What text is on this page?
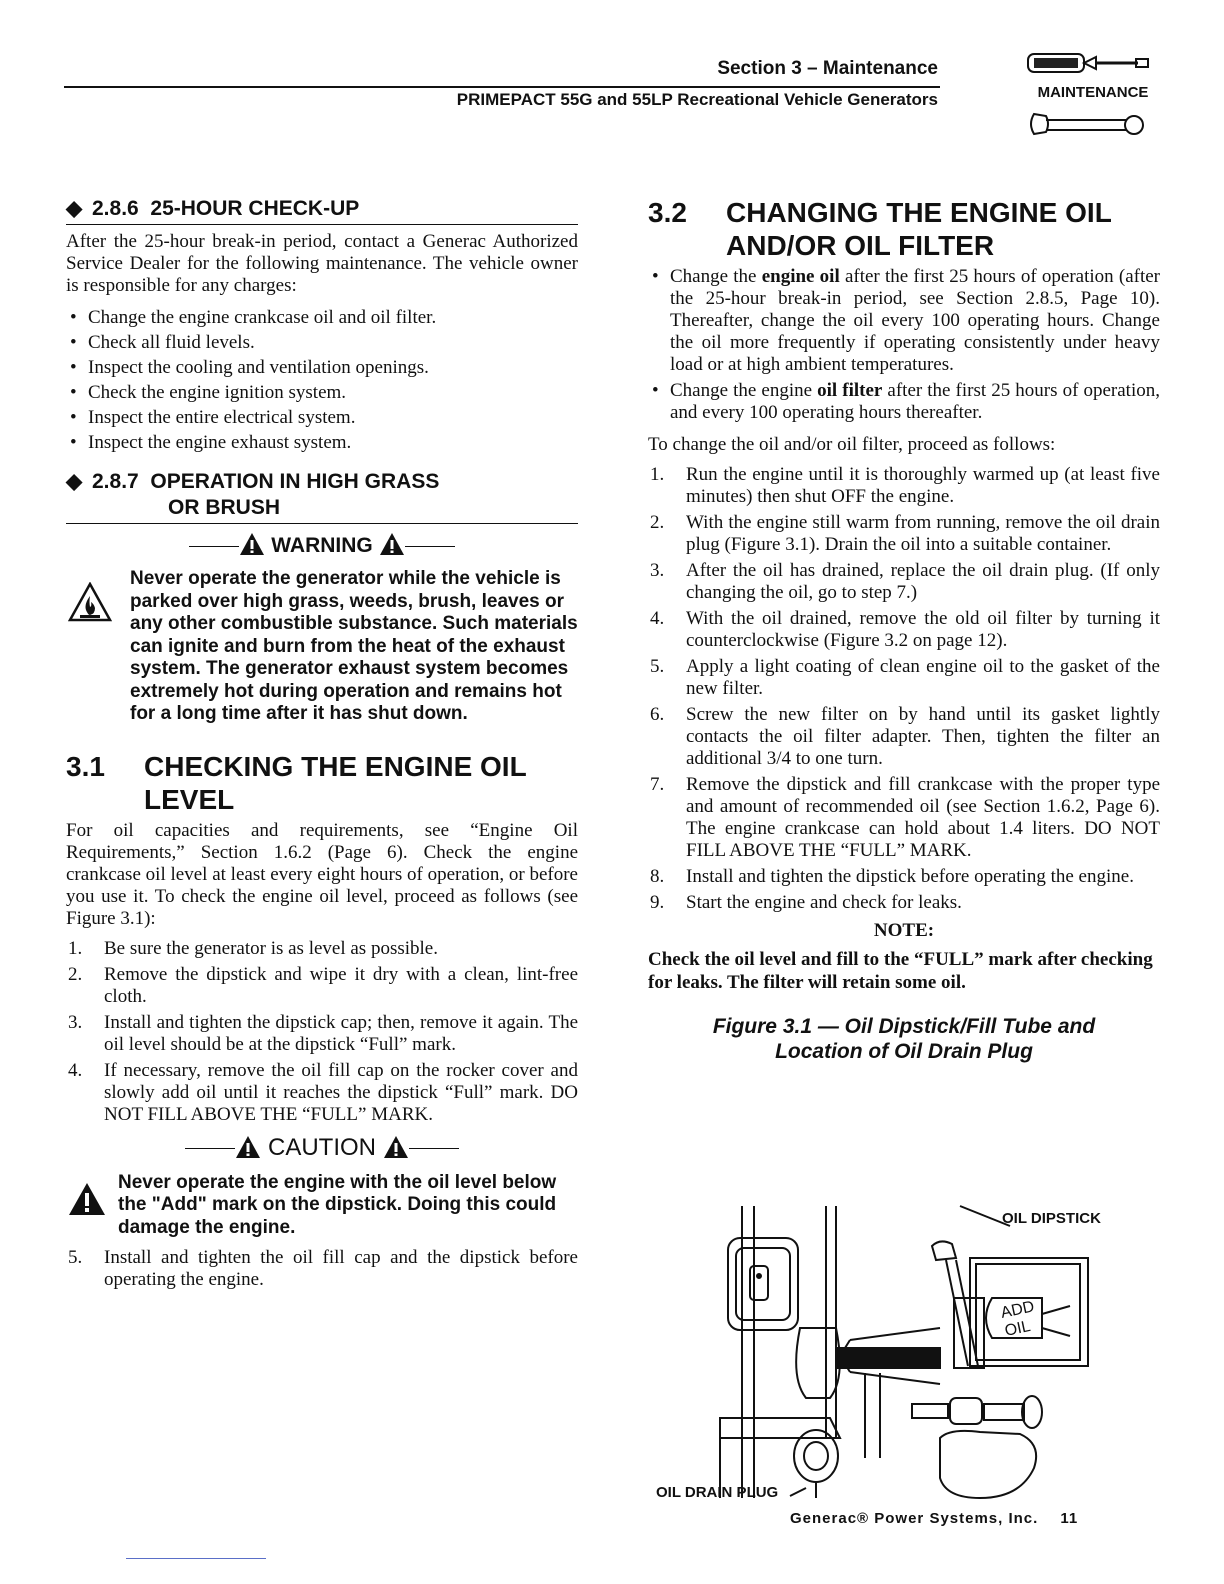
Section 3 – Maintenance
PRIMEPACT 55G and 55LP Recreational Vehicle Generators	MAINTENANCE
◆ 2.8.6 25-HOUR CHECK-UP

After the 25-hour break-in period, contact a Generac Authorized Service Dealer for the following maintenance. The vehicle owner is responsible for any charges:

• Change the engine crankcase oil and oil filter.
• Check all fluid levels.
• Inspect the cooling and ventilation openings.
• Check the engine ignition system.
• Inspect the entire electrical system.
• Inspect the engine exhaust system.
◆ 2.8.7 OPERATION IN HIGH GRASS
OR BRUSH
WARNING
Never operate the generator while the vehicle is parked over high grass, weeds, brush, leaves or any other combustible substance. Such materials can ignite and burn from the heat of the exhaust system. The generator exhaust system becomes extremely hot during operation and remains hot for a long time after it has shut down.
3.1 CHECKING THE ENGINE OIL
LEVEL

For oil capacities and requirements, see “Engine Oil Requirements,” Section 1.6.2 (Page 6). Check the engine crankcase oil level at least every eight hours of operation, or before you use it. To check the engine oil level, proceed as follows (see Figure 3.1):

1. Be sure the generator is as level as possible.
2. Remove the dipstick and wipe it dry with a clean, lint-free cloth.
3. Install and tighten the dipstick cap; then, remove it again. The oil level should be at the dipstick “Full” mark.
4. If necessary, remove the oil fill cap on the rocker cover and slowly add oil until it reaches the dipstick “Full” mark. DO NOT FILL ABOVE THE “FULL” MARK.
CAUTION
Never operate the engine with the oil level below the "Add" mark on the dipstick. Doing this could damage the engine.
5. Install and tighten the oil fill cap and the dipstick before operating the engine.
3.2 CHANGING THE ENGINE OIL
AND/OR OIL FILTER
• Change the engine oil after the first 25 hours of operation (after the 25-hour break-in period, see Section 2.8.5, Page 10). Thereafter, change the oil every 100 operating hours. Change the oil more frequently if operating consistently under heavy load or at high ambient temperatures.
• Change the engine oil filter after the first 25 hours of operation, and every 100 operating hours thereafter.

To change the oil and/or oil filter, proceed as follows:

1. Run the engine until it is thoroughly warmed up (at least five minutes) then shut OFF the engine.
2. With the engine still warm from running, remove the oil drain plug (Figure 3.1). Drain the oil into a suitable container.
3. After the oil has drained, replace the oil drain plug. (If only changing the oil, go to step 7.)
4. With the oil drained, remove the old oil filter by turning it counterclockwise (Figure 3.2 on page 12).
5. Apply a light coating of clean engine oil to the gasket of the new filter.
6. Screw the new filter on by hand until its gasket lightly contacts the oil filter adapter. Then, tighten the filter an additional 3/4 to one turn.
7. Remove the dipstick and fill crankcase with the proper type and amount of recommended oil (see Section 1.6.2, Page 6). The engine crankcase can hold about 1.4 liters. DO NOT FILL ABOVE THE “FULL” MARK.
8. Install and tighten the dipstick before operating the engine.
9. Start the engine and check for leaks.
NOTE:
Check the oil level and fill to the “FULL” mark after checking for leaks. The filter will retain some oil.
Figure 3.1 — Oil Dipstick/Fill Tube and
Location of Oil Drain Plug
ADD
OIL
OIL DIPSTICK
OIL DRAIN PLUG
Generac® Power Systems, Inc. 11
